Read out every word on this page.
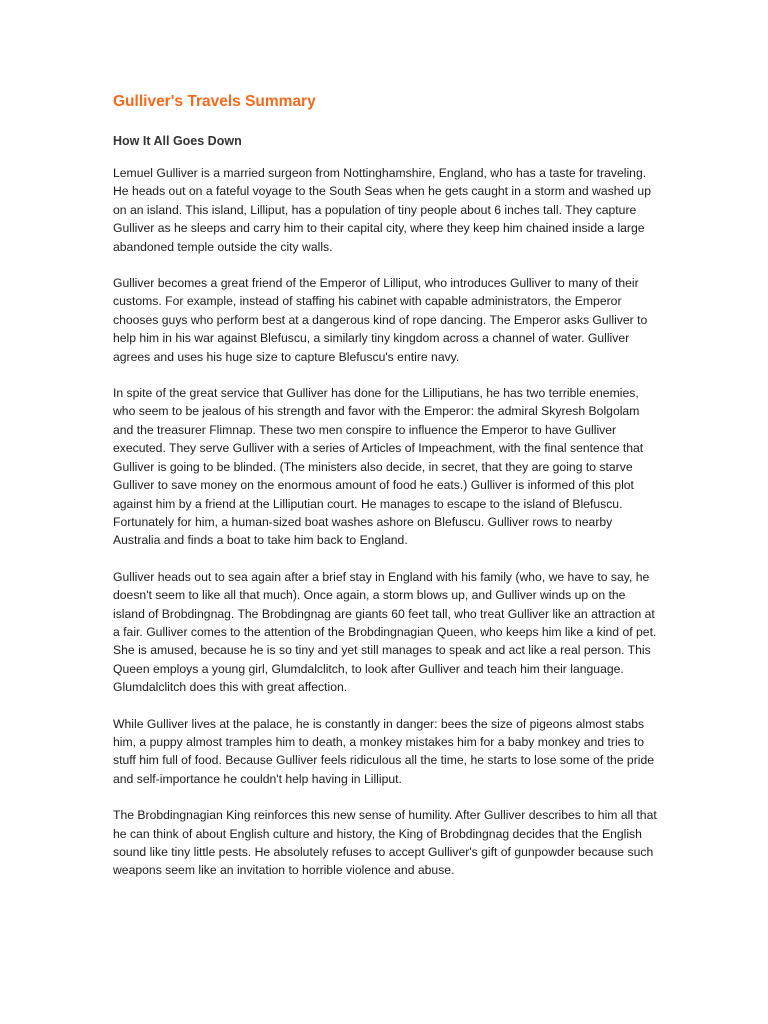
Gulliver's Travels Summary
How It All Goes Down

Lemuel Gulliver is a married surgeon from Nottinghamshire, England, who has a taste for traveling. He heads out on a fateful voyage to the South Seas when he gets caught in a storm and washed up on an island. This island, Lilliput, has a population of tiny people about 6 inches tall. They capture Gulliver as he sleeps and carry him to their capital city, where they keep him chained inside a large abandoned temple outside the city walls.

Gulliver becomes a great friend of the Emperor of Lilliput, who introduces Gulliver to many of their customs. For example, instead of staffing his cabinet with capable administrators, the Emperor chooses guys who perform best at a dangerous kind of rope dancing. The Emperor asks Gulliver to help him in his war against Blefuscu, a similarly tiny kingdom across a channel of water. Gulliver agrees and uses his huge size to capture Blefuscu's entire navy.

In spite of the great service that Gulliver has done for the Lilliputians, he has two terrible enemies, who seem to be jealous of his strength and favor with the Emperor: the admiral Skyresh Bolgolam and the treasurer Flimnap. These two men conspire to influence the Emperor to have Gulliver executed. They serve Gulliver with a series of Articles of Impeachment, with the final sentence that Gulliver is going to be blinded. (The ministers also decide, in secret, that they are going to starve Gulliver to save money on the enormous amount of food he eats.) Gulliver is informed of this plot against him by a friend at the Lilliputian court. He manages to escape to the island of Blefuscu. Fortunately for him, a human-sized boat washes ashore on Blefuscu. Gulliver rows to nearby Australia and finds a boat to take him back to England.

Gulliver heads out to sea again after a brief stay in England with his family (who, we have to say, he doesn't seem to like all that much). Once again, a storm blows up, and Gulliver winds up on the island of Brobdingnag. The Brobdingnag are giants 60 feet tall, who treat Gulliver like an attraction at a fair. Gulliver comes to the attention of the Brobdingnagian Queen, who keeps him like a kind of pet. She is amused, because he is so tiny and yet still manages to speak and act like a real person. This Queen employs a young girl, Glumdalclitch, to look after Gulliver and teach him their language. Glumdalclitch does this with great affection.

While Gulliver lives at the palace, he is constantly in danger: bees the size of pigeons almost stabs him, a puppy almost tramples him to death, a monkey mistakes him for a baby monkey and tries to stuff him full of food. Because Gulliver feels ridiculous all the time, he starts to lose some of the pride and self-importance he couldn't help having in Lilliput.

The Brobdingnagian King reinforces this new sense of humility. After Gulliver describes to him all that he can think of about English culture and history, the King of Brobdingnag decides that the English sound like tiny little pests. He absolutely refuses to accept Gulliver's gift of gunpowder because such weapons seem like an invitation to horrible violence and abuse.
